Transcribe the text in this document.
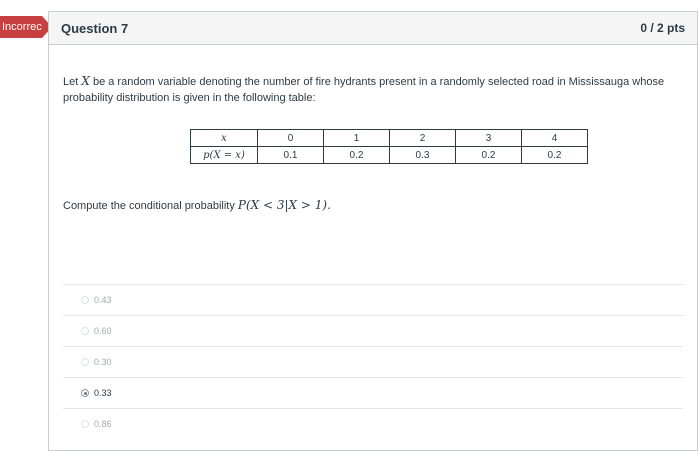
Incorrect Question 7	0 / 2 pts

Let X be a random variable denoting the number of fire hydrants present in a randomly selected road in Mississauga whose probability distribution is given in the following table:

x	0	1	2	3	4
p(X = x)	0.1	0.2	0.3	0.2	0.2
Compute the conditional probability P(X < 3|X > 1).
0.43
0.60
0.30
0.33
0.86
